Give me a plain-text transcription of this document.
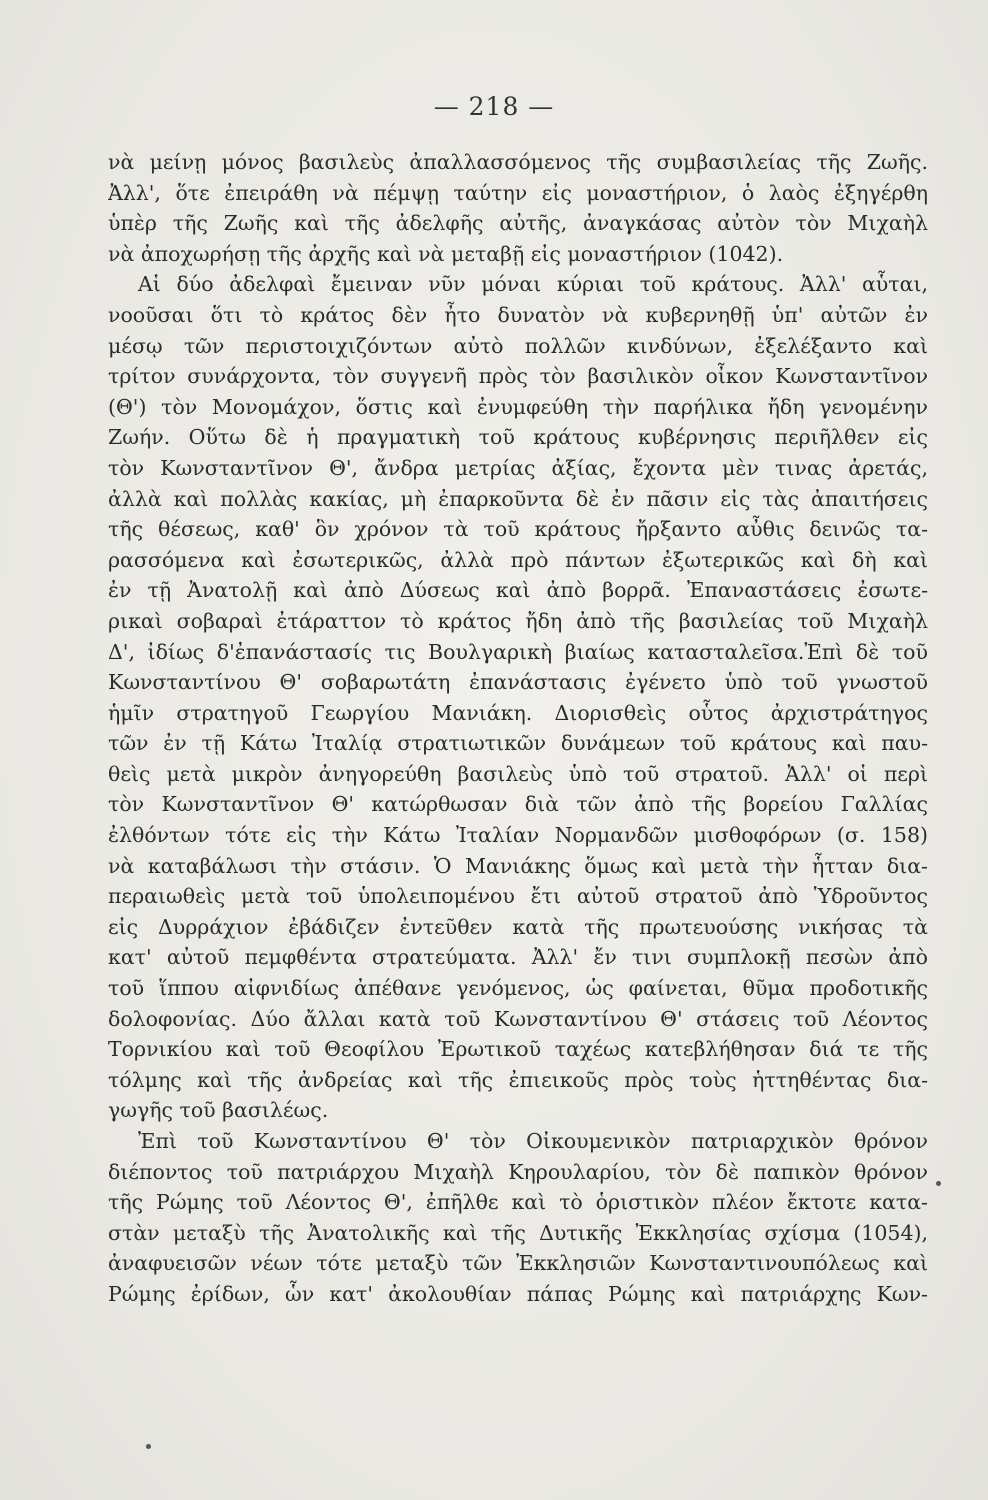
— 218 —
νὰ μείνῃ μόνος βασιλεὺς ἀπαλλασσόμενος τῆς συμβασιλείας τῆς Ζωῆς.
Ἀλλ', ὅτε ἐπειράθη νὰ πέμψῃ ταύτην εἰς μοναστήριον, ὁ λαὸς ἐξηγέρθη
ὑπὲρ τῆς Ζωῆς καὶ τῆς ἀδελφῆς αὐτῆς, ἀναγκάσας αὐτὸν τὸν Μιχαὴλ
νὰ ἀποχωρήσῃ τῆς ἀρχῆς καὶ νὰ μεταβῇ εἰς μοναστήριον (1042).
Αἱ δύο ἀδελφαὶ ἔμειναν νῦν μόναι κύριαι τοῦ κράτους. Ἀλλ' αὗται,
νοοῦσαι ὅτι τὸ κράτος δὲν ἦτο δυνατὸν νὰ κυβερνηθῇ ὑπ' αὐτῶν ἐν
μέσῳ τῶν περιστοιχιζόντων αὐτὸ πολλῶν κινδύνων, ἐξελέξαντο καὶ
τρίτον συνάρχοντα, τὸν συγγενῆ πρὸς τὸν βασιλικὸν οἶκον Κωνσταντῖνον
(Θ') τὸν Μονομάχον, ὅστις καὶ ἐνυμφεύθη τὴν παρήλικα ἤδη γενομένην
Ζωήν. Οὕτω δὲ ἡ πραγματικὴ τοῦ κράτους κυβέρνησις περιῆλθεν εἰς
τὸν Κωνσταντῖνον Θ', ἄνδρα μετρίας ἀξίας, ἔχοντα μὲν τινας ἀρετάς,
ἀλλὰ καὶ πολλὰς κακίας, μὴ ἐπαρκοῦντα δὲ ἐν πᾶσιν εἰς τὰς ἀπαιτήσεις
τῆς θέσεως, καθ' ὃν χρόνον τὰ τοῦ κράτους ἤρξαντο αὖθις δεινῶς τα-
ρασσόμενα καὶ ἐσωτερικῶς, ἀλλὰ πρὸ πάντων ἐξωτερικῶς καὶ δὴ καὶ
ἐν τῇ Ἀνατολῇ καὶ ἀπὸ Δύσεως καὶ ἀπὸ βορρᾶ. Ἐπαναστάσεις ἐσωτε-
ρικαὶ σοβαραὶ ἐτάραττον τὸ κράτος ἤδη ἀπὸ τῆς βασιλείας τοῦ Μιχαὴλ
Δ', ἰδίως δ'ἐπανάστασίς τις Βουλγαρικὴ βιαίως κατασταλεῖσα.Ἐπὶ δὲ τοῦ
Κωνσταντίνου Θ' σοβαρωτάτη ἐπανάστασις ἐγένετο ὑπὸ τοῦ γνωστοῦ
ἡμῖν στρατηγοῦ Γεωργίου Μανιάκη. Διορισθεὶς οὗτος ἀρχιστράτηγος
τῶν ἐν τῇ Κάτω Ἰταλίᾳ στρατιωτικῶν δυνάμεων τοῦ κράτους καὶ παυ-
θεὶς μετὰ μικρὸν ἀνηγορεύθη βασιλεὺς ὑπὸ τοῦ στρατοῦ. Ἀλλ' οἱ περὶ
τὸν Κωνσταντῖνον Θ' κατώρθωσαν διὰ τῶν ἀπὸ τῆς βορείου Γαλλίας
ἐλθόντων τότε εἰς τὴν Κάτω Ἰταλίαν Νορμανδῶν μισθοφόρων (σ. 158)
νὰ καταβάλωσι τὴν στάσιν. Ὁ Μανιάκης ὅμως καὶ μετὰ τὴν ἧτταν δια-
περαιωθεὶς μετὰ τοῦ ὑπολειπομένου ἔτι αὐτοῦ στρατοῦ ἀπὸ Ὑδροῦντος
εἰς Δυρράχιον ἐβάδιζεν ἐντεῦθεν κατὰ τῆς πρωτευούσης νικήσας τὰ
κατ' αὐτοῦ πεμφθέντα στρατεύματα. Ἀλλ' ἔν τινι συμπλοκῇ πεσὼν ἀπὸ
τοῦ ἵππου αἰφνιδίως ἀπέθανε γενόμενος, ὡς φαίνεται, θῦμα προδοτικῆς
δολοφονίας. Δύο ἄλλαι κατὰ τοῦ Κωνσταντίνου Θ' στάσεις τοῦ Λέοντος
Τορνικίου καὶ τοῦ Θεοφίλου Ἐρωτικοῦ ταχέως κατεβλήθησαν διά τε τῆς
τόλμης καὶ τῆς ἀνδρείας καὶ τῆς ἐπιεικοῦς πρὸς τοὺς ἡττηθέντας δια-
γωγῆς τοῦ βασιλέως.
Ἐπὶ τοῦ Κωνσταντίνου Θ' τὸν Οἰκουμενικὸν πατριαρχικὸν θρόνον
διέποντος τοῦ πατριάρχου Μιχαὴλ Κηρουλαρίου, τὸν δὲ παπικὸν θρόνον
τῆς Ρώμης τοῦ Λέοντος Θ', ἐπῆλθε καὶ τὸ ὁριστικὸν πλέον ἔκτοτε κατα-
στὰν μεταξὺ τῆς Ἀνατολικῆς καὶ τῆς Δυτικῆς Ἐκκλησίας σχίσμα (1054),
ἀναφυεισῶν νέων τότε μεταξὺ τῶν Ἐκκλησιῶν Κωνσταντινουπόλεως καὶ
Ρώμης ἐρίδων, ὧν κατ' ἀκολουθίαν πάπας Ρώμης καὶ πατριάρχης Κων-
